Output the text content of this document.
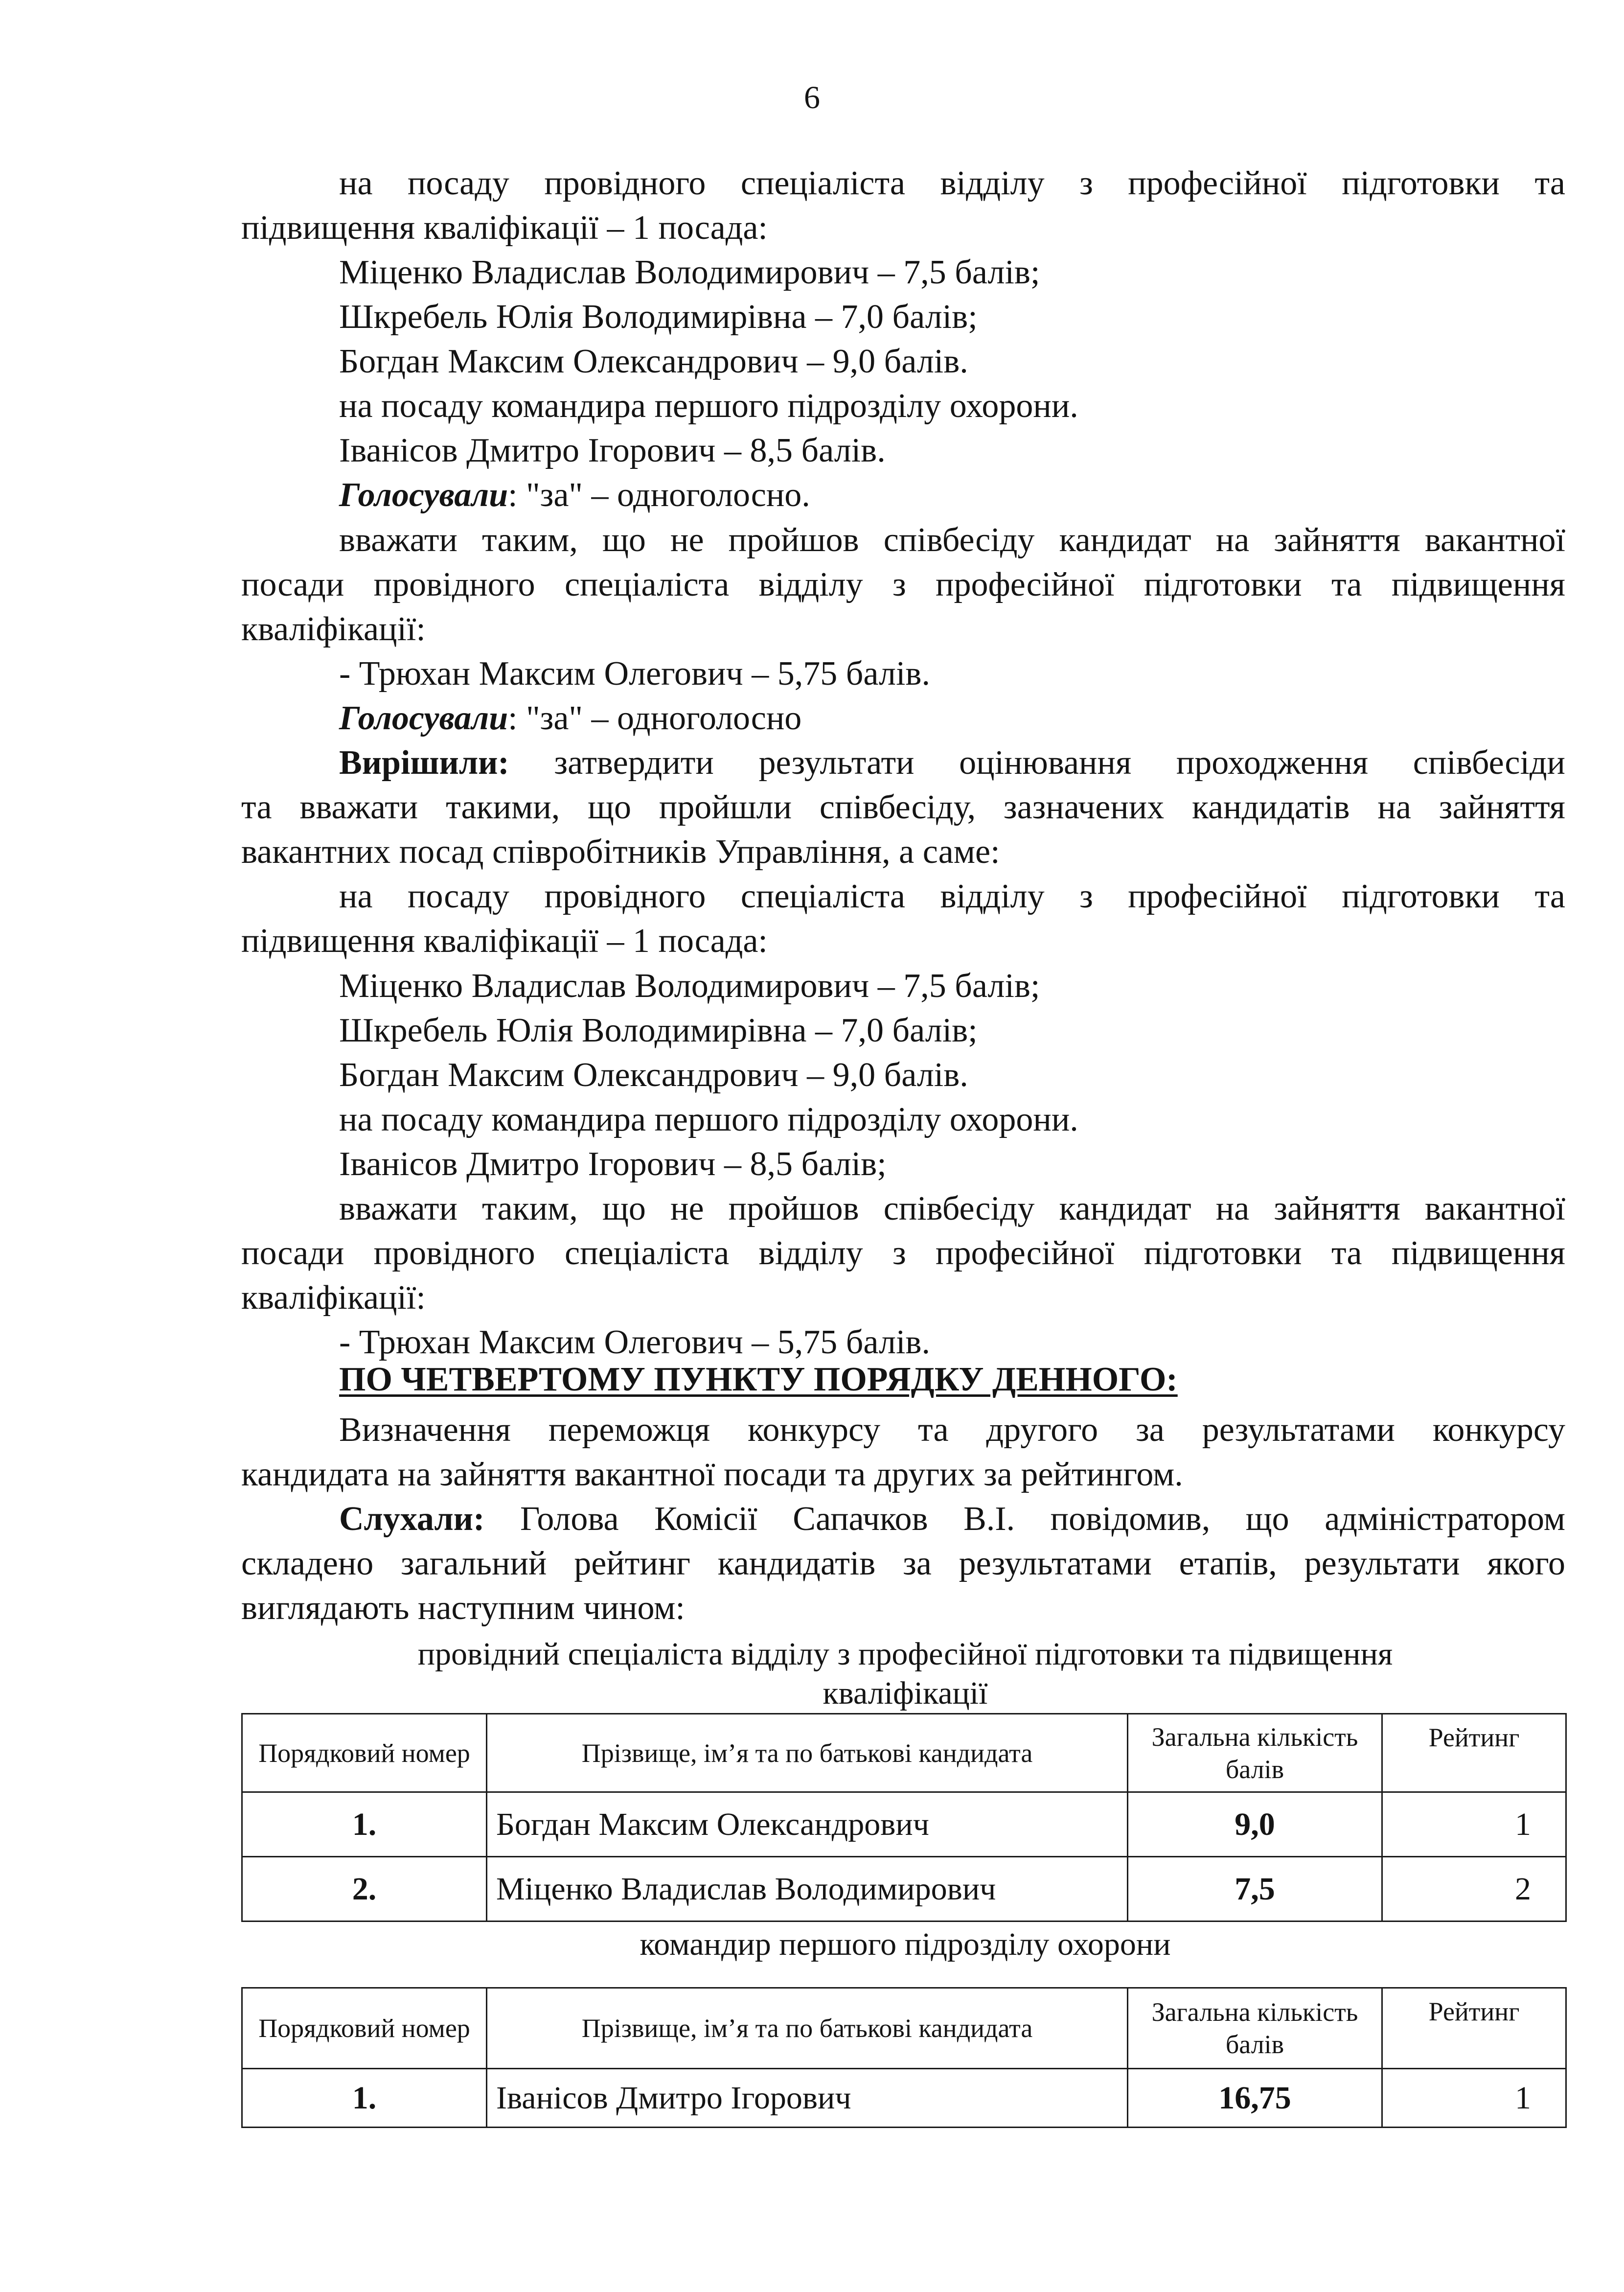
6
на посаду провідного спеціаліста відділу з професійної підготовки та
підвищення кваліфікації – 1 посада:
Міценко Владислав Володимирович – 7,5 балів;
Шкребель Юлія Володимирівна – 7,0 балів;
Богдан Максим Олександрович – 9,0 балів.
на посаду командира першого підрозділу охорони.
Іванісов Дмитро Ігорович – 8,5 балів.
Голосували: "за" – одноголосно.
вважати таким, що не пройшов співбесіду кандидат на зайняття вакантної
посади провідного спеціаліста відділу з професійної підготовки та підвищення
кваліфікації:
- Трюхан Максим Олегович – 5,75 балів.
Голосували: "за" – одноголосно
Вирішили: затвердити результати оцінювання проходження співбесіди
та вважати такими, що пройшли співбесіду, зазначених кандидатів на зайняття
вакантних посад співробітників Управління, а саме:
на посаду провідного спеціаліста відділу з професійної підготовки та
підвищення кваліфікації – 1 посада:
Міценко Владислав Володимирович – 7,5 балів;
Шкребель Юлія Володимирівна – 7,0 балів;
Богдан Максим Олександрович – 9,0 балів.
на посаду командира першого підрозділу охорони.
Іванісов Дмитро Ігорович – 8,5 балів;
вважати таким, що не пройшов співбесіду кандидат на зайняття вакантної
посади провідного спеціаліста відділу з професійної підготовки та підвищення
кваліфікації:
- Трюхан Максим Олегович – 5,75 балів.
ПО ЧЕТВЕРТОМУ ПУНКТУ ПОРЯДКУ ДЕННОГО:
Визначення переможця конкурсу та другого за результатами конкурсу
кандидата на зайняття вакантної посади та других за рейтингом.
Слухали: Голова Комісії Сапачков В.І. повідомив, що адміністратором
складено загальний рейтинг кандидатів за результатами етапів, результати якого
виглядають наступним чином:
провідний спеціаліста відділу з професійної підготовки та підвищення
кваліфікації
Порядковий номер	Прізвище, ім’я та по батькові кандидата	Загальна кількість балів	Рейтинг
1.	Богдан Максим Олександрович	9,0	1
2.	Міценко Владислав Володимирович	7,5	2
командир першого підрозділу охорони
Порядковий номер	Прізвище, ім’я та по батькові кандидата	Загальна кількість балів	Рейтинг
1.	Іванісов Дмитро Ігорович	16,75	1
